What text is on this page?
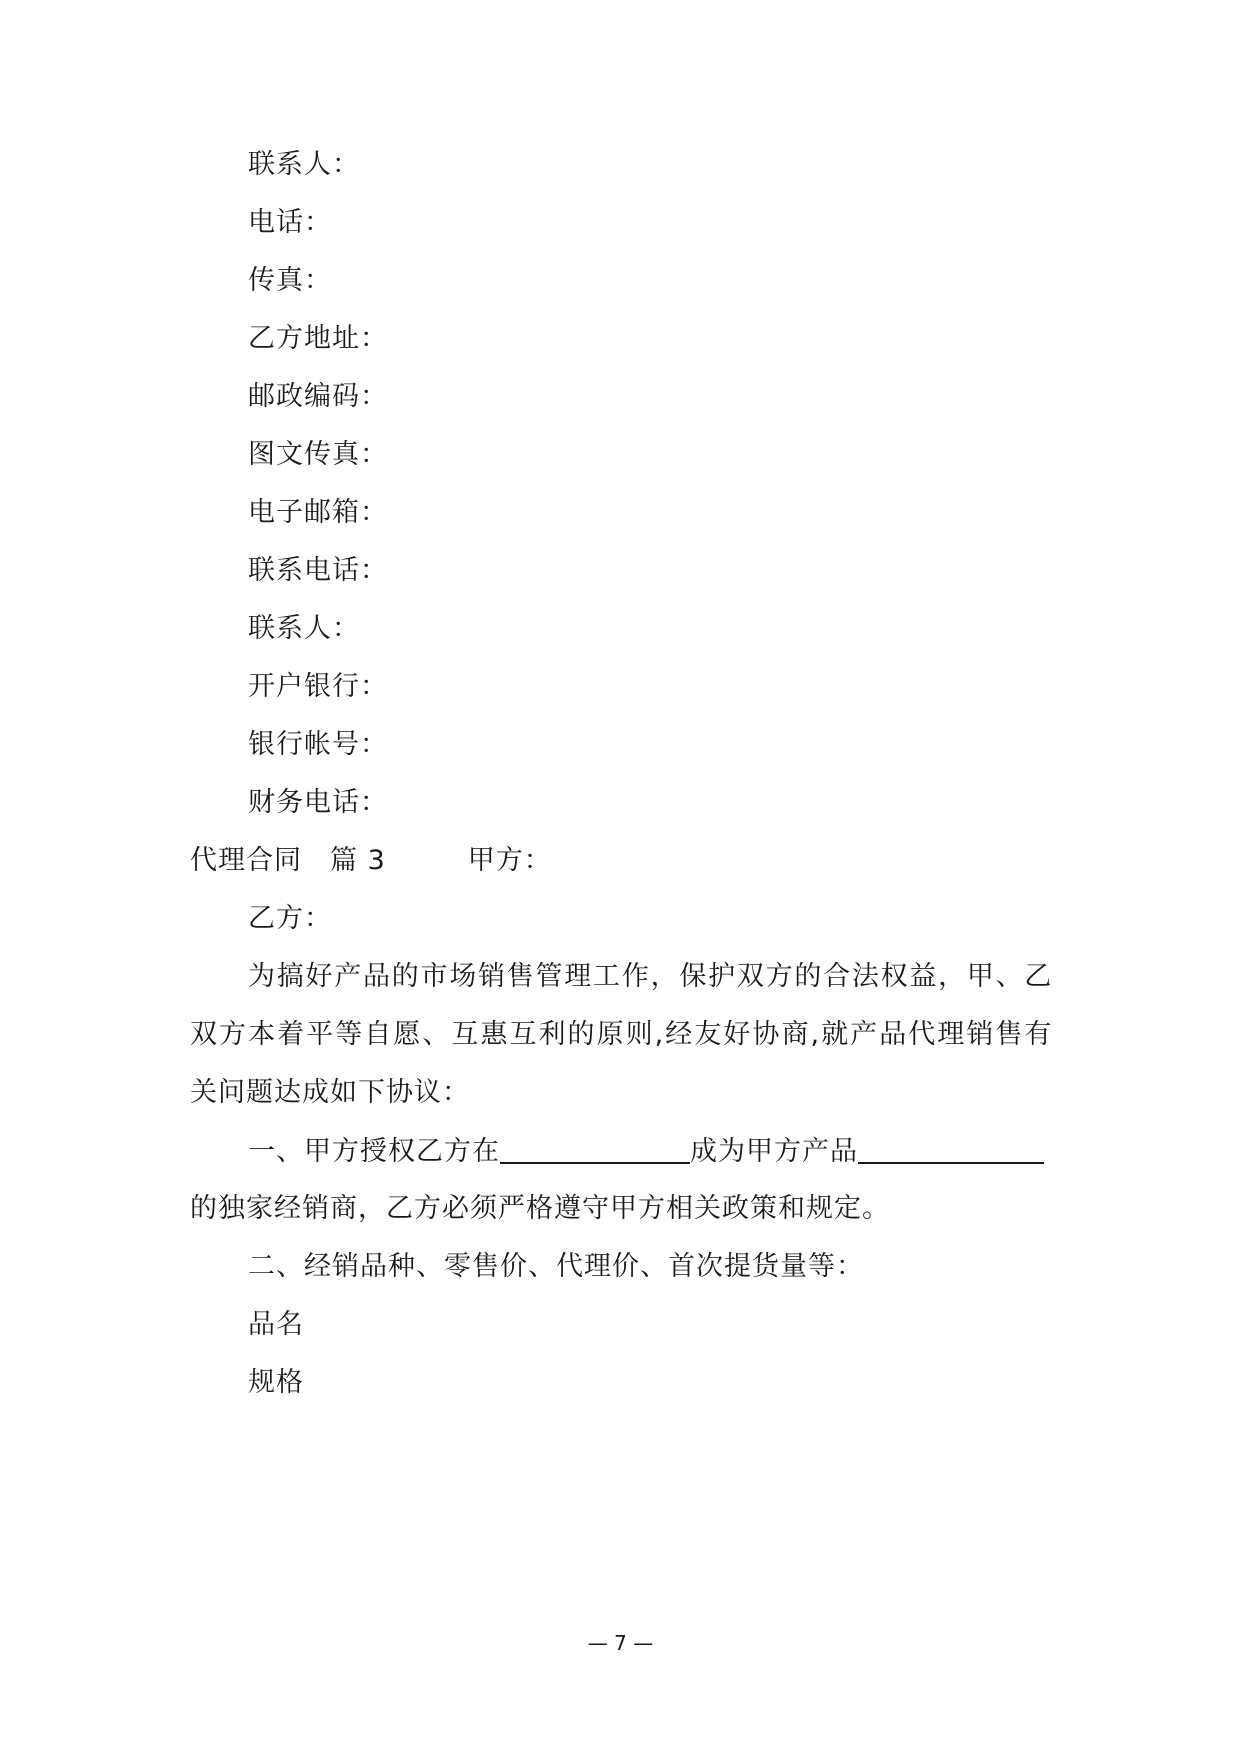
联系人：
电话：
传真：
乙方地址：
邮政编码：
图文传真：
电子邮箱：
联系电话：
联系人：
开户银行：
银行帐号：
财务电话：
代理合同 篇 3	甲方：
乙方：
为搞好产品的市场销售管理工作，保护双方的合法权益，甲、乙
双方本着平等自愿、互惠互利的原则,经友好协商,就产品代理销售有
关问题达成如下协议：
一、甲方授权乙方在	成为甲方产品
的独家经销商，乙方必须严格遵守甲方相关政策和规定。
二、经销品种、零售价、代理价、首次提货量等：
品名
规格
— 7 —
